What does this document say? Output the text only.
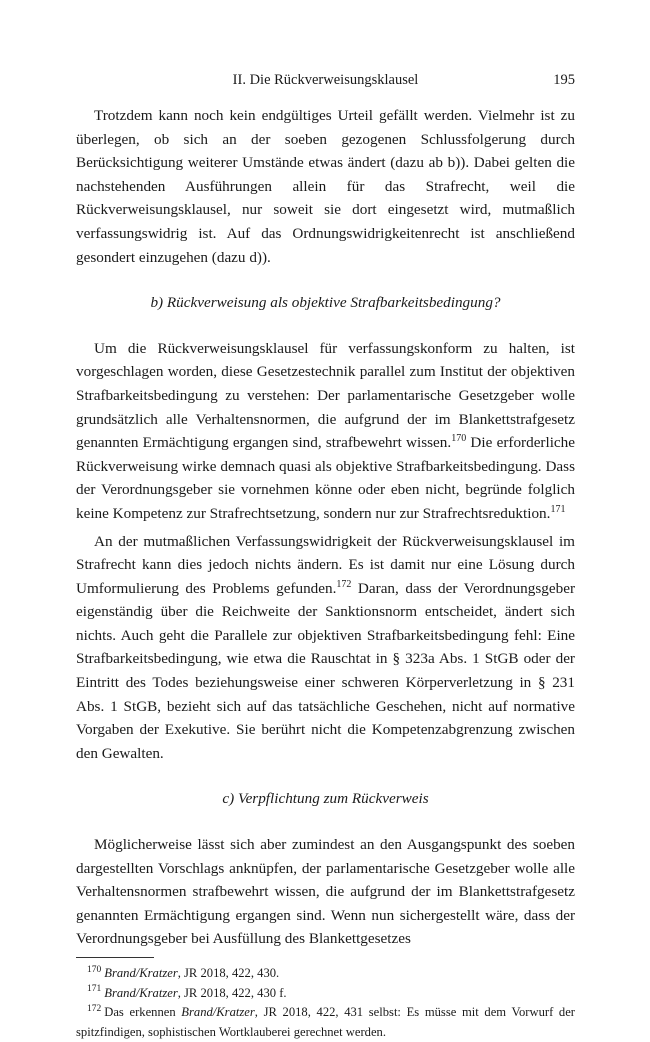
II. Die Rückverweisungsklausel	195

Trotzdem kann noch kein endgültiges Urteil gefällt werden. Vielmehr ist zu überlegen, ob sich an der soeben gezogenen Schlussfolgerung durch Berücksichtigung weiterer Umstände etwas ändert (dazu ab b)). Dabei gelten die nachstehenden Ausführungen allein für das Strafrecht, weil die Rückverweisungsklausel, nur soweit sie dort eingesetzt wird, mutmaßlich verfassungswidrig ist. Auf das Ordnungswidrigkeitenrecht ist anschließend gesondert einzugehen (dazu d)).

b) Rückverweisung als objektive Strafbarkeitsbedingung?

Um die Rückverweisungsklausel für verfassungskonform zu halten, ist vorgeschlagen worden, diese Gesetzestechnik parallel zum Institut der objektiven Strafbarkeitsbedingung zu verstehen: Der parlamentarische Gesetzgeber wolle grundsätzlich alle Verhaltensnormen, die aufgrund der im Blankettstrafgesetz genannten Ermächtigung ergangen sind, strafbewehrt wissen.$^{170}$ Die erforderliche Rückverweisung wirke demnach quasi als objektive Strafbarkeitsbedingung. Dass der Verordnungsgeber sie vornehmen könne oder eben nicht, begründe folglich keine Kompetenz zur Strafrechtsetzung, sondern nur zur Strafrechtsreduktion.$^{171}$

An der mutmaßlichen Verfassungswidrigkeit der Rückverweisungsklausel im Strafrecht kann dies jedoch nichts ändern. Es ist damit nur eine Lösung durch Umformulierung des Problems gefunden.$^{172}$ Daran, dass der Verordnungsgeber eigenständig über die Reichweite der Sanktionsnorm entscheidet, ändert sich nichts. Auch geht die Parallele zur objektiven Strafbarkeitsbedingung fehl: Eine Strafbarkeitsbedingung, wie etwa die Rauschtat in § 323a Abs. 1 StGB oder der Eintritt des Todes beziehungsweise einer schweren Körperverletzung in § 231 Abs. 1 StGB, bezieht sich auf das tatsächliche Geschehen, nicht auf normative Vorgaben der Exekutive. Sie berührt nicht die Kompetenzabgrenzung zwischen den Gewalten.

c) Verpflichtung zum Rückverweis

Möglicherweise lässt sich aber zumindest an den Ausgangspunkt des soeben dargestellten Vorschlags anknüpfen, der parlamentarische Gesetzgeber wolle alle Verhaltensnormen strafbewehrt wissen, die aufgrund der im Blankettstrafgesetz genannten Ermächtigung ergangen sind. Wenn nun sichergestellt wäre, dass der Verordnungsgeber bei Ausfüllung des Blankettgesetzes

$^{170}$ Brand/Kratzer, JR 2018, 422, 430.

$^{171}$ Brand/Kratzer, JR 2018, 422, 430 f.

$^{172}$ Das erkennen Brand/Kratzer, JR 2018, 422, 431 selbst: Es müsse mit dem Vorwurf der spitzfindigen, sophistischen Wortklauberei gerechnet werden.
